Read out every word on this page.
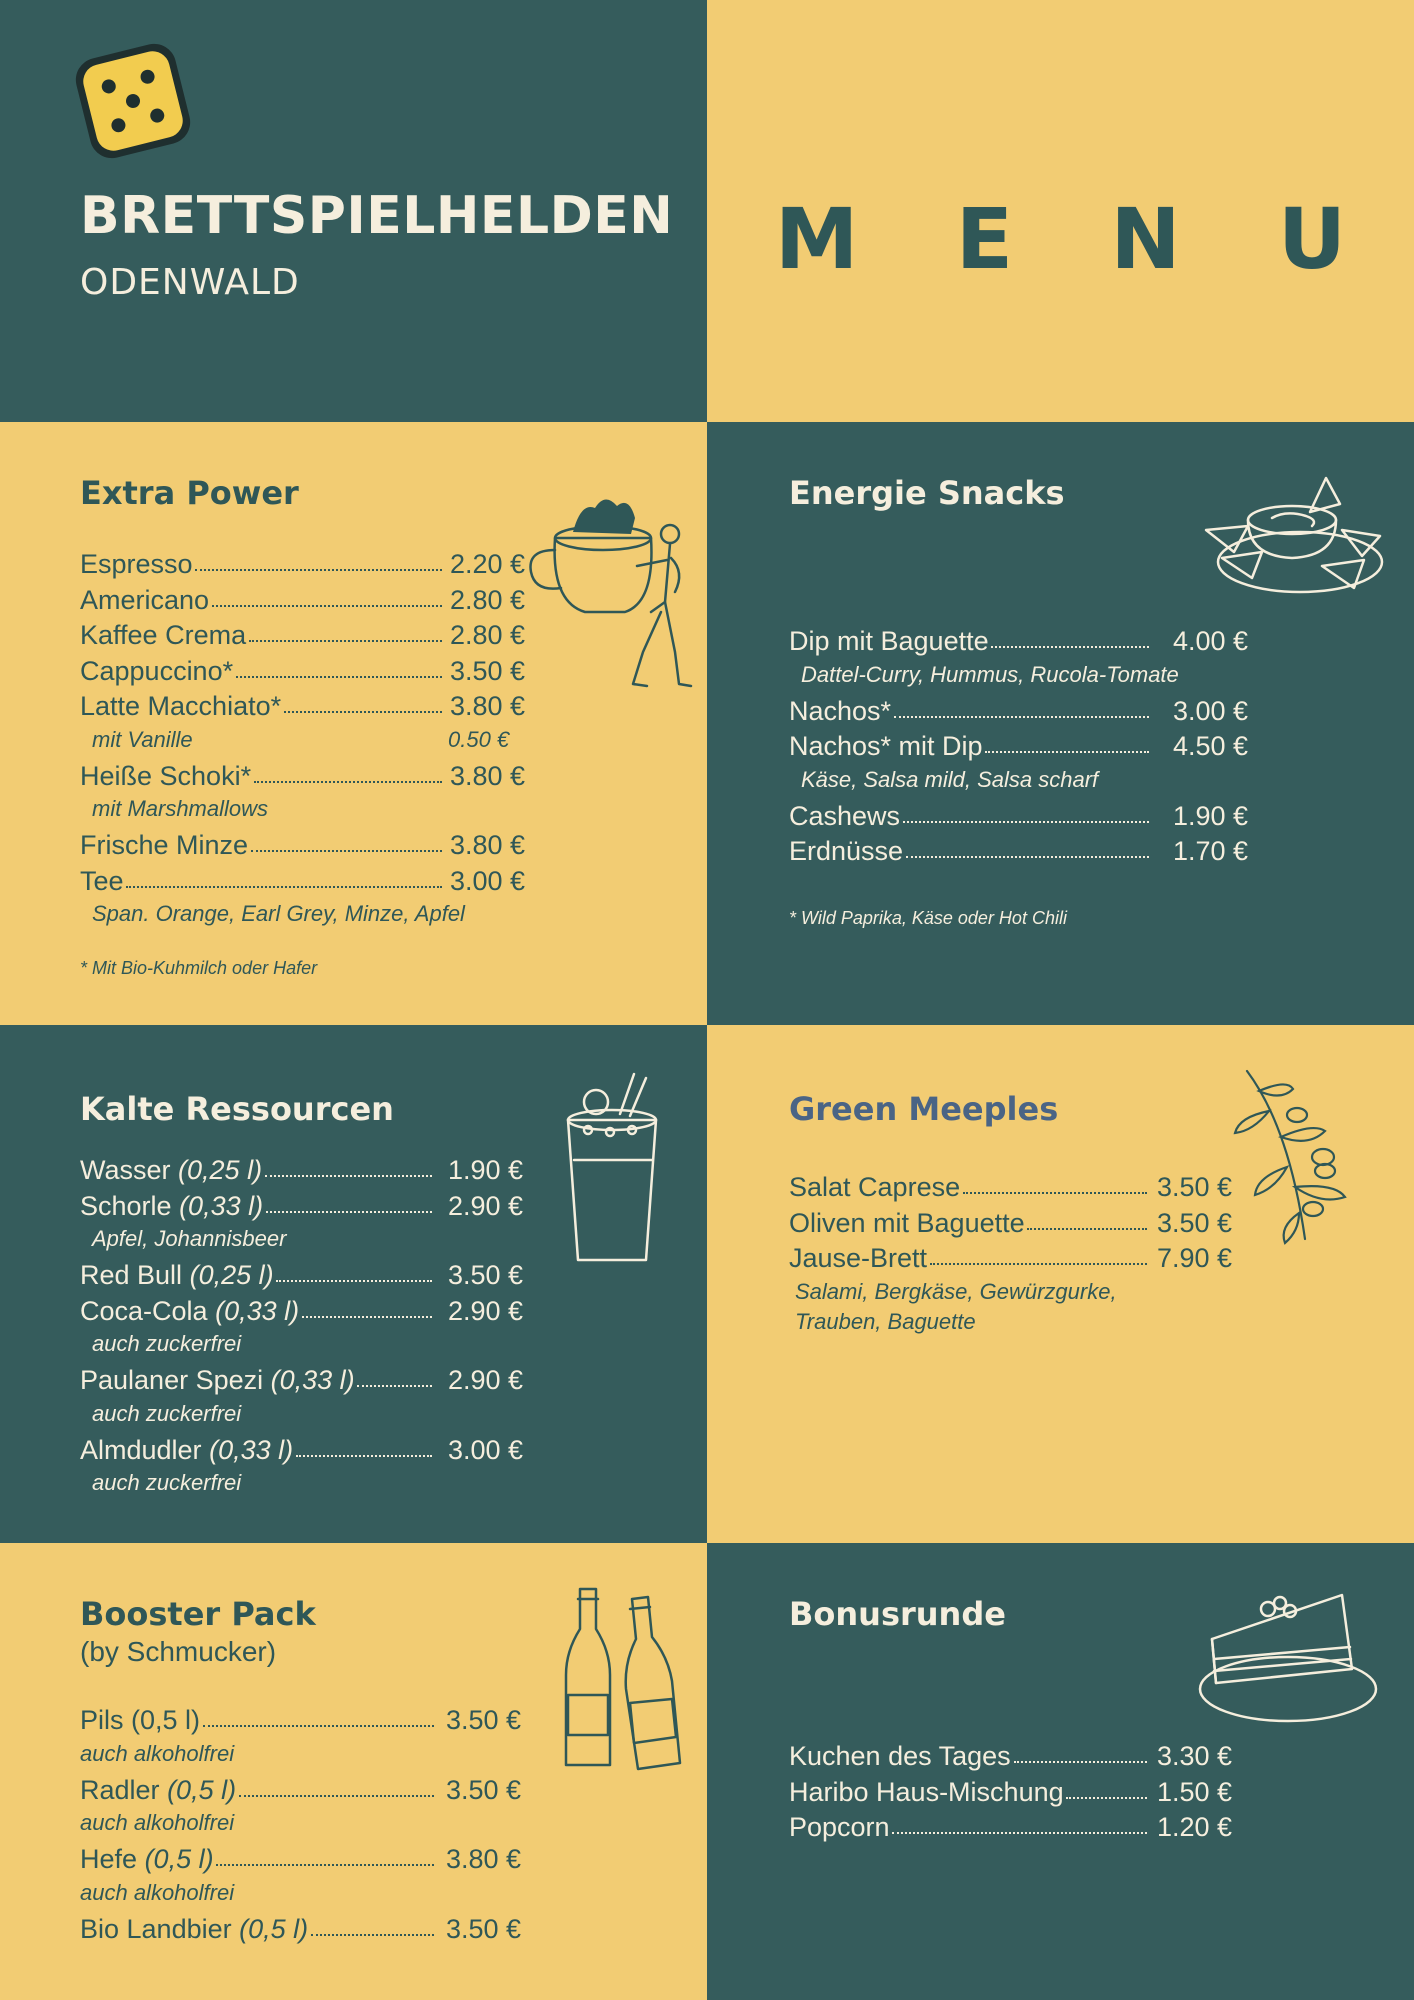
BRETTSPIELHELDEN
ODENWALD	M E N U
Extra Power
Espresso	2.20 €
Americano	2.80 €
Kaffee Crema	2.80 €
Cappuccino*	3.50 €
Latte Macchiato*	3.80 €
mit Vanille	0.50 €
Heiße Schoki*	3.80 €
mit Marshmallows
Frische Minze	3.80 €
Tee	3.00 €
Span. Orange, Earl Grey, Minze, Apfel
* Mit Bio-Kuhmilch oder Hafer
Energie Snacks
Dip mit Baguette	4.00 €
Dattel-Curry, Hummus, Rucola-Tomate
Nachos*	3.00 €
Nachos* mit Dip	4.50 €
Käse, Salsa mild, Salsa scharf
Cashews	1.90 €
Erdnüsse	1.70 €
* Wild Paprika, Käse oder Hot Chili
Kalte Ressourcen
Wasser (0,25 l)	1.90 €
Schorle (0,33 l)	2.90 €
Apfel, Johannisbeer
Red Bull (0,25 l)	3.50 €
Coca-Cola (0,33 l)	2.90 €
auch zuckerfrei
Paulaner Spezi (0,33 l)	2.90 €
auch zuckerfrei
Almdudler (0,33 l)	3.00 €
auch zuckerfrei
Green Meeples
Salat Caprese	3.50 €
Oliven mit Baguette	3.50 €
Jause-Brett	7.90 €
Salami, Bergkäse, Gewürzgurke,
Trauben, Baguette
Booster Pack
(by Schmucker)
Pils (0,5 l)	3.50 €
auch alkoholfrei
Radler (0,5 l)	3.50 €
auch alkoholfrei
Hefe (0,5 l)	3.80 €
auch alkoholfrei
Bio Landbier (0,5 l)	3.50 €
Bonusrunde
Kuchen des Tages	3.30 €
Haribo Haus-Mischung	1.50 €
Popcorn	1.20 €
